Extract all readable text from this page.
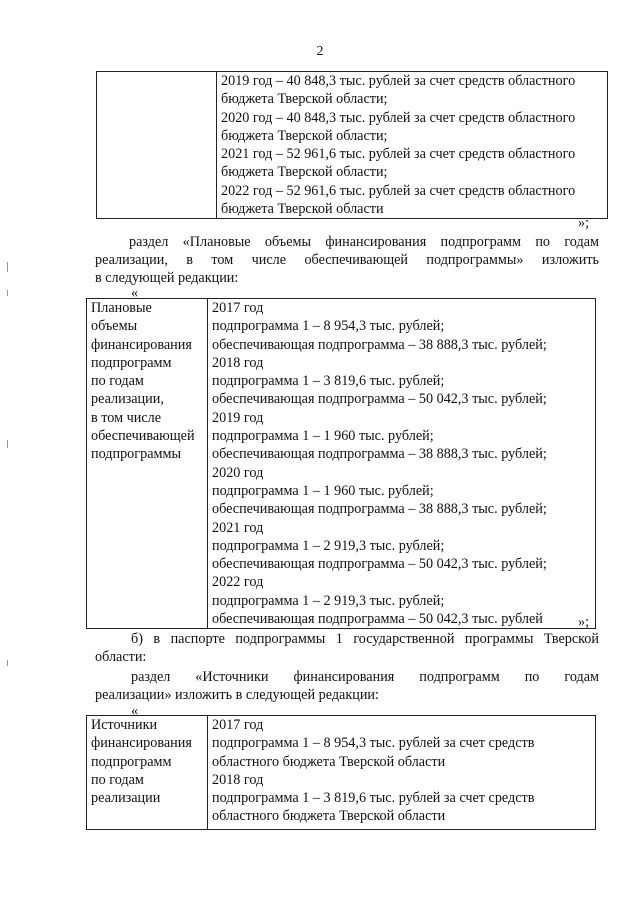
2

2019 год – 40 848,3 тыс. рублей за счет средств областного
бюджета Тверской области;
2020 год – 40 848,3 тыс. рублей за счет средств областного
бюджета Тверской области;
2021 год – 52 961,6 тыс. рублей за счет средств областного
бюджета Тверской области;
2022 год – 52 961,6 тыс. рублей за счет средств областного
бюджета Тверской области
»;
раздел «Плановые объемы финансирования подпрограмм по годам
реализации, в том числе обеспечивающей подпрограммы» изложить
в следующей редакции:
«
Плановые
объемы
финансирования
подпрограмм
по годам
реализации,
в том числе
обеспечивающей
подпрограммы

2017 год
подпрограмма 1 – 8 954,3 тыс. рублей;
обеспечивающая подпрограмма – 38 888,3 тыс. рублей;
2018 год
подпрограмма 1 – 3 819,6 тыс. рублей;
обеспечивающая подпрограмма – 50 042,3 тыс. рублей;
2019 год
подпрограмма 1 – 1 960 тыс. рублей;
обеспечивающая подпрограмма – 38 888,3 тыс. рублей;
2020 год
подпрограмма 1 – 1 960 тыс. рублей;
обеспечивающая подпрограмма – 38 888,3 тыс. рублей;
2021 год
подпрограмма 1 – 2 919,3 тыс. рублей;
обеспечивающая подпрограмма – 50 042,3 тыс. рублей;
2022 год
подпрограмма 1 – 2 919,3 тыс. рублей;
обеспечивающая подпрограмма – 50 042,3 тыс. рублей	»;
б) в паспорте подпрограммы 1 государственной программы Тверской
области:
раздел «Источники финансирования подпрограмм по годам
реализации» изложить в следующей редакции:
«
Источники
финансирования
подпрограмм
по годам
реализации

2017 год
подпрограмма 1 – 8 954,3 тыс. рублей за счет средств
областного бюджета Тверской области
2018 год
подпрограмма 1 – 3 819,6 тыс. рублей за счет средств
областного бюджета Тверской области
